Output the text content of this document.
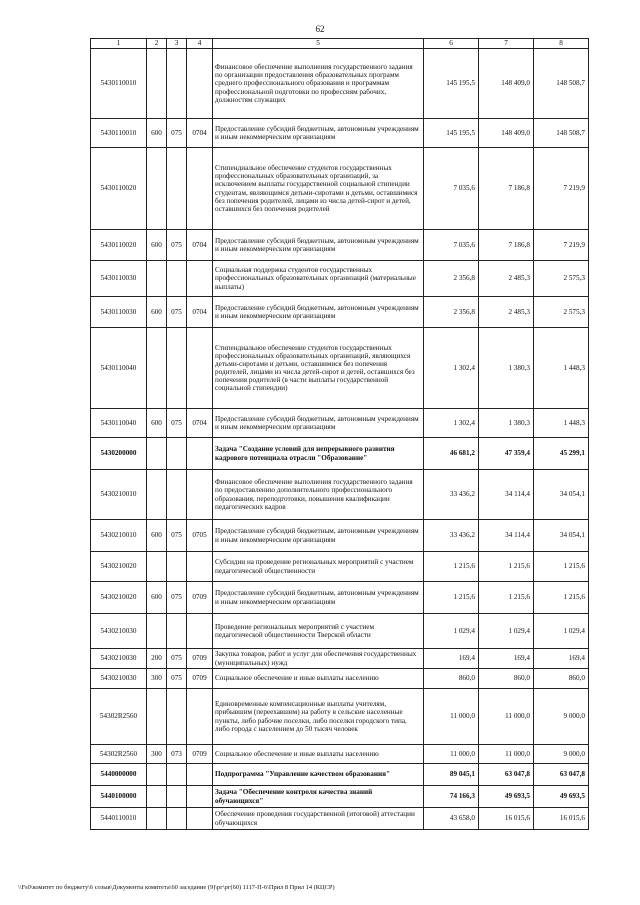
62
1	2	3	4	5	6	7	8
5430110010				Финансовое обеспечение выполнения государственного задания по организации предоставления образовательных программ среднего профессионального образования и программам профессиональной подготовки по профессиям рабочих, должностям служащих	145 195,5	148 409,0	148 508,7
5430110010	600	075	0704	Предоставление субсидий бюджетным, автономным учреждениям и иным некоммерческим организациям	145 195,5	148 409,0	148 508,7
5430110020				Стипендиальное обеспечение студентов государственных профессиональных образовательных организаций, за исключением выплаты государственной социальной стипендии студентам, являющимся детьми-сиротами и детьми, оставшимися без попечения родителей, лицами из числа детей-сирот и детей, оставшихся без попечения родителей	7 035,6	7 186,8	7 219,9
5430110020	600	075	0704	Предоставление субсидий бюджетным, автономным учреждениям и иным некоммерческим организациям	7 035,6	7 186,8	7 219,9
5430110030				Социальная поддержка студентов государственных профессиональных образовательных организаций (материальные выплаты)	2 356,8	2 485,3	2 575,3
5430110030	600	075	0704	Предоставление субсидий бюджетным, автономным учреждениям и иным некоммерческим организациям	2 356,8	2 485,3	2 575,3
5430110040				Стипендиальное обеспечение студентов государственных профессиональных образовательных организаций, являющихся детьми-сиротами и детьми, оставшимися без попечения родителей, лицами из числа детей-сирот и детей, оставшихся без попечения родителей (в части выплаты государственной социальной стипендии)	1 302,4	1 380,3	1 448,3
5430110040	600	075	0704	Предоставление субсидий бюджетным, автономным учреждениям и иным некоммерческим организациям	1 302,4	1 380,3	1 448,3
5430200000				Задача "Создание условий для непрерывного развития кадрового потенциала отрасли "Образование"	46 681,2	47 359,4	45 299,1
5430210010				Финансовое обеспечение выполнения государственного задания по предоставлению дополнительного профессионального образования, переподготовки, повышения квалификации педагогических кадров	33 436,2	34 114,4	34 054,1
5430210010	600	075	0705	Предоставление субсидий бюджетным, автономным учреждениям и иным некоммерческим организациям	33 436,2	34 114,4	34 054,1
5430210020				Субсидии на проведение региональных мероприятий с участием педагогической общественности	1 215,6	1 215,6	1 215,6
5430210020	600	075	0709	Предоставление субсидий бюджетным, автономным учреждениям и иным некоммерческим организациям	1 215,6	1 215,6	1 215,6
5430210030				Проведение региональных мероприятий с участием педагогической общественности Тверской области	1 029,4	1 029,4	1 029,4
5430210030	200	075	0709	Закупка товаров, работ и услуг для обеспечения государственных (муниципальных) нужд	169,4	169,4	169,4
5430210030	300	075	0709	Социальное обеспечение и иные выплаты населению	860,0	860,0	860,0
54302R2560				Единовременные компенсационные выплаты учителям, прибывшим (переехавшим) на работу в сельские населенные пункты, либо рабочие поселки, либо поселки городского типа, либо города с населением до 50 тысяч человек	11 000,0	11 000,0	9 000,0
54302R2560	300	073	0709	Социальное обеспечение и иные выплаты населению	11 000,0	11 000,0	9 000,0
5440000000				Подпрограмма "Управление качеством образования"	89 045,1	63 047,8	63 047,8
5440100000				Задача "Обеспечение контроля качества знаний обучающихся"	74 166,3	49 693,5	49 693,5
5440110010				Обеспечение проведения государственной (итоговой) аттестации обучающихся	43 658,0	16 015,6	16 015,6
\\Fs0\комитет по бюджету\6 созыв\Документы комитета\60 заседание (9)\рг\рг(60) 1117-П-6\Прил 8 Прил 14 (КЦСР)
